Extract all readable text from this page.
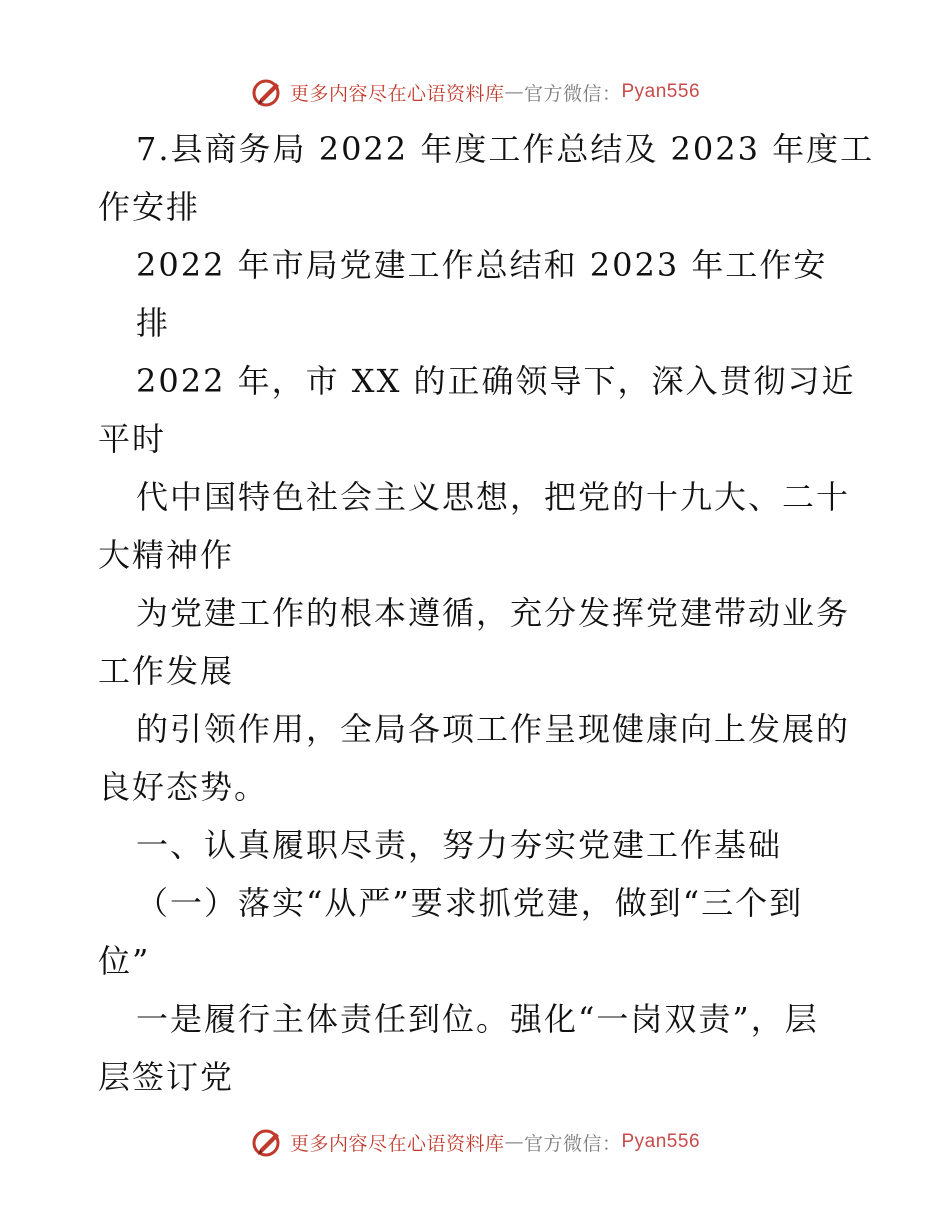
更多内容尽在心语资料库 — 官方微信： Pyan556
7.县商务局 2022 年度工作总结及 2023 年度工
作安排
2022 年市局党建工作总结和 2023 年工作安
排
2022 年，市 XX 的正确领导下，深入贯彻习近
平时
代中国特色社会主义思想，把党的十九大、二十
大精神作
为党建工作的根本遵循，充分发挥党建带动业务
工作发展
的引领作用，全局各项工作呈现健康向上发展的
良好态势。
一、认真履职尽责，努力夯实党建工作基础
（一）落实“从严”要求抓党建，做到“三个到
位”
一是履行主体责任到位。强化“一岗双责”，层
层签订党
更多内容尽在心语资料库 — 官方微信： Pyan556
